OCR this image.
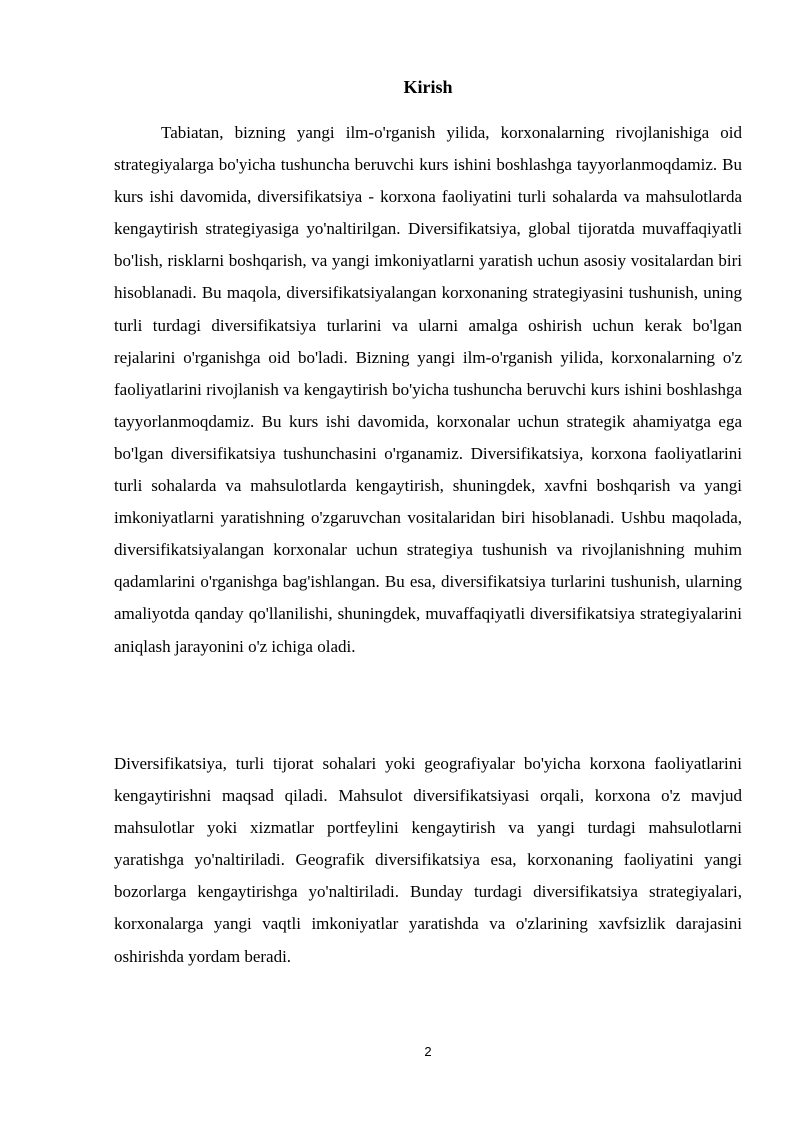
Kirish

Tabiatan, bizning yangi ilm-o'rganish yilida, korxonalarning rivojlanishiga oid strategiyalarga bo'yicha tushuncha beruvchi kurs ishini boshlashga tayyorlanmoqdamiz. Bu kurs ishi davomida, diversifikatsiya - korxona faoliyatini turli sohalarda va mahsulotlarda kengaytirish strategiyasiga yo'naltirilgan. Diversifikatsiya, global tijoratda muvaffaqiyatli bo'lish, risklarni boshqarish, va yangi imkoniyatlarni yaratish uchun asosiy vositalardan biri hisoblanadi. Bu maqola, diversifikatsiyalangan korxonaning strategiyasini tushunish, uning turli turdagi diversifikatsiya turlarini va ularni amalga oshirish uchun kerak bo'lgan rejalarini o'rganishga oid bo'ladi. Bizning yangi ilm-o'rganish yilida, korxonalarning o'z faoliyatlarini rivojlanish va kengaytirish bo'yicha tushuncha beruvchi kurs ishini boshlashga tayyorlanmoqdamiz. Bu kurs ishi davomida, korxonalar uchun strategik ahamiyatga ega bo'lgan diversifikatsiya tushunchasini o'rganamiz. Diversifikatsiya, korxona faoliyatlarini turli sohalarda va mahsulotlarda kengaytirish, shuningdek, xavfni boshqarish va yangi imkoniyatlarni yaratishning o'zgaruvchan vositalaridan biri hisoblanadi. Ushbu maqolada, diversifikatsiyalangan korxonalar uchun strategiya tushunish va rivojlanishning muhim qadamlarini o'rganishga bag'ishlangan. Bu esa, diversifikatsiya turlarini tushunish, ularning amaliyotda qanday qo'llanilishi, shuningdek, muvaffaqiyatli diversifikatsiya strategiyalarini aniqlash jarayonini o'z ichiga oladi.

Diversifikatsiya, turli tijorat sohalari yoki geografiyalar bo'yicha korxona faoliyatlarini kengaytirishni maqsad qiladi. Mahsulot diversifikatsiyasi orqali, korxona o'z mavjud mahsulotlar yoki xizmatlar portfeylini kengaytirish va yangi turdagi mahsulotlarni yaratishga yo'naltiriladi. Geografik diversifikatsiya esa, korxonaning faoliyatini yangi bozorlarga kengaytirishga yo'naltiriladi. Bunday turdagi diversifikatsiya strategiyalari, korxonalarga yangi vaqtli imkoniyatlar yaratishda va o'zlarining xavfsizlik darajasini oshirishda yordam beradi.

2
